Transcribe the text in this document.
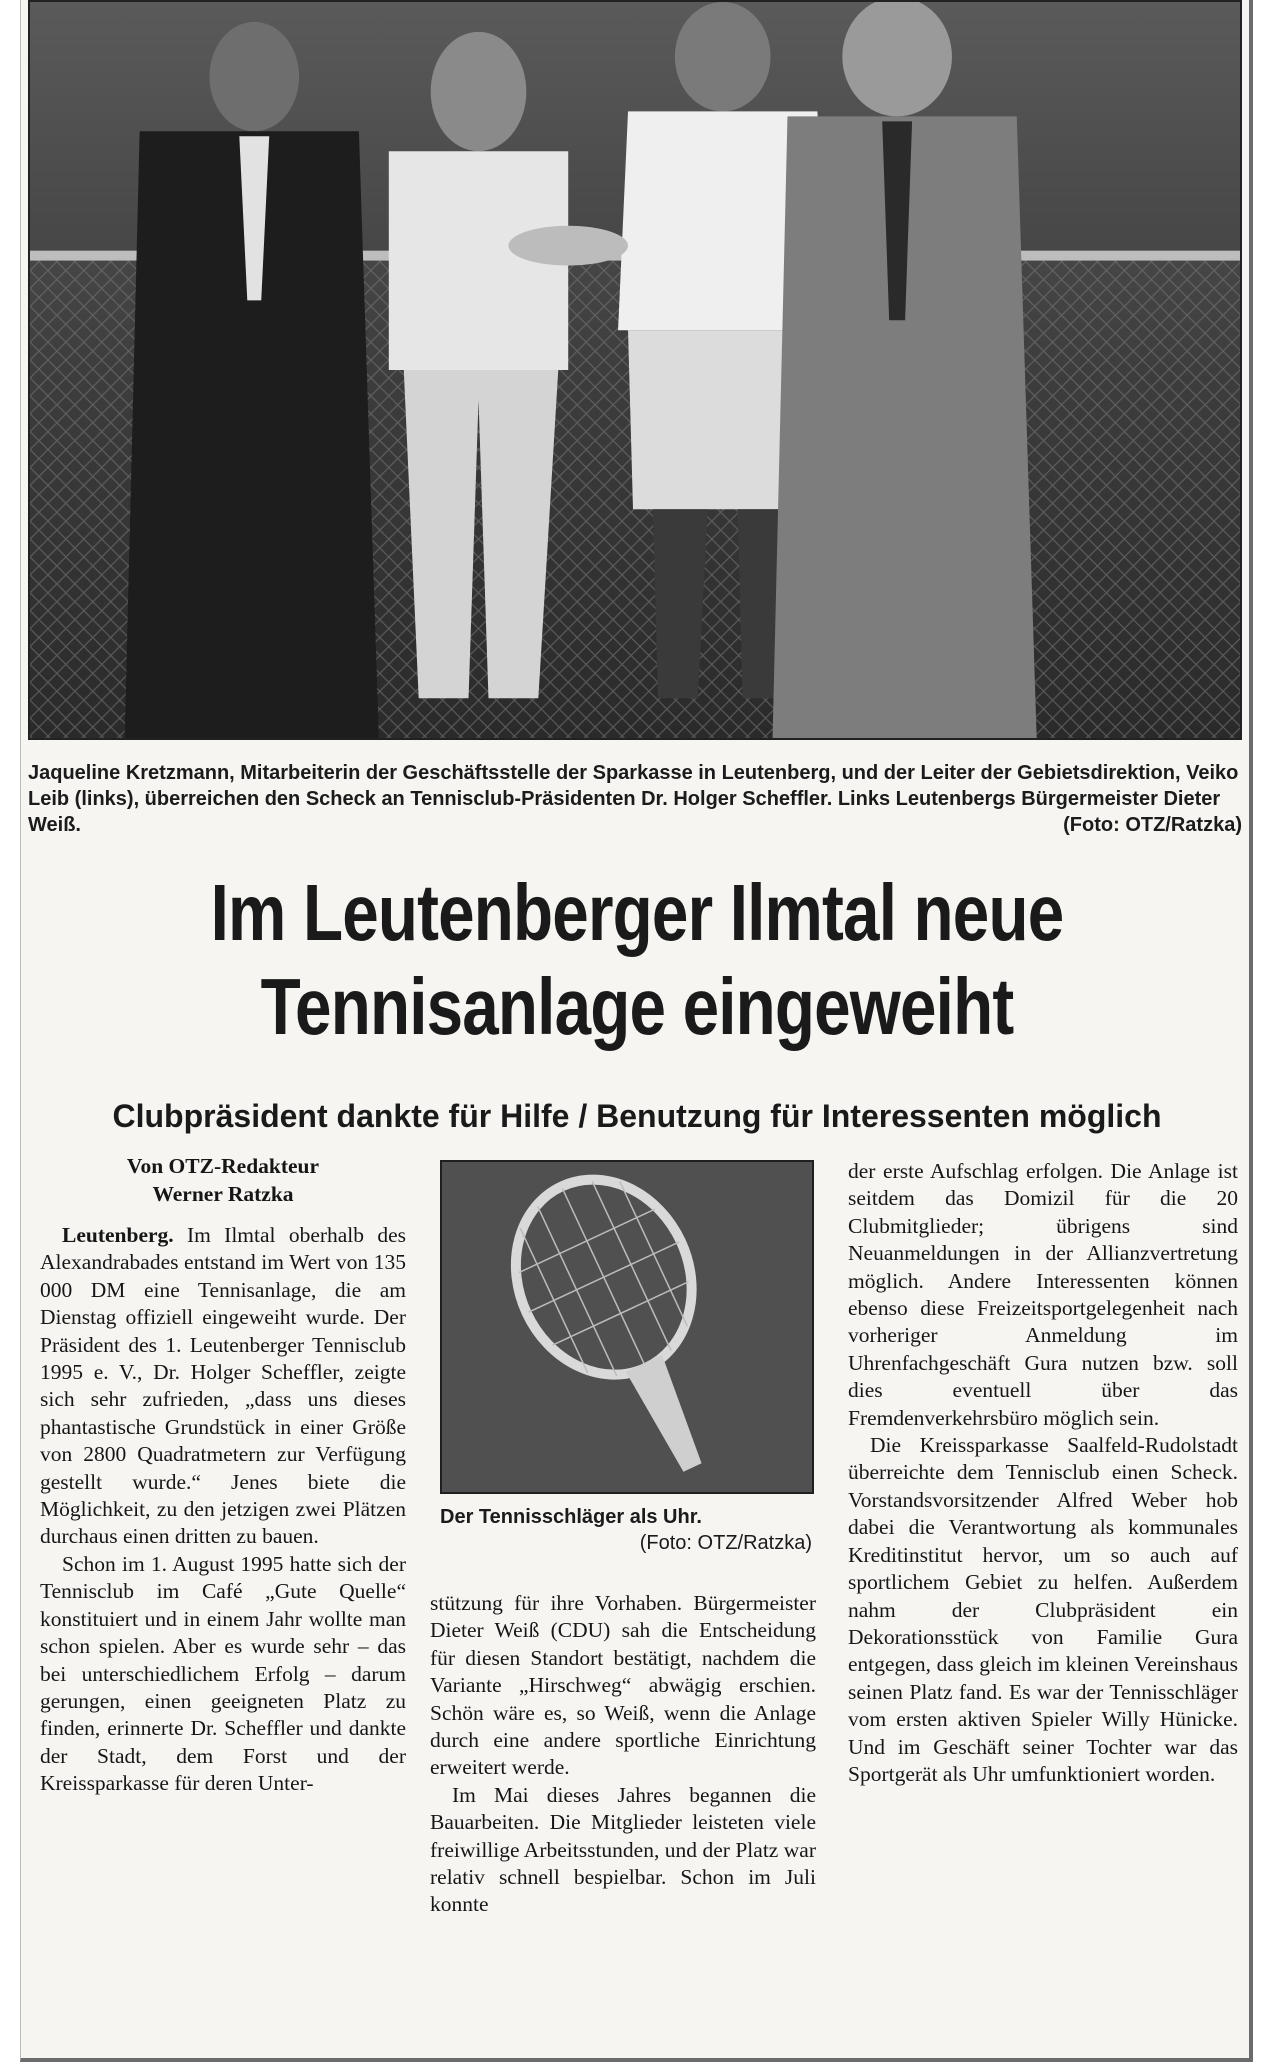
Jaqueline Kretzmann, Mitarbeiterin der Geschäftsstelle der Sparkasse in Leutenberg, und der Leiter der Gebietsdirektion, Veiko Leib (links), überreichen den Scheck an Tennisclub-Präsidenten Dr. Holger Scheffler. Links Leutenbergs Bürgermeister Dieter Weiß.	(Foto: OTZ/Ratzka)
Im Leutenberger Ilmtal neue
Tennisanlage eingeweiht
Clubpräsident dankte für Hilfe / Benutzung für Interessenten möglich
Von OTZ-Redakteur
Werner Ratzka

Leutenberg. Im Ilmtal oberhalb des Alexandrabades entstand im Wert von 135 000 DM eine Tennisanlage, die am Dienstag offiziell eingeweiht wurde. Der Präsident des 1. Leutenberger Tennisclub 1995 e. V., Dr. Holger Scheffler, zeigte sich sehr zufrieden, „dass uns dieses phantastische Grundstück in einer Größe von 2800 Quadratmetern zur Verfügung gestellt wurde.“ Jenes biete die Möglichkeit, zu den jetzigen zwei Plätzen durchaus einen dritten zu bauen.

Schon im 1. August 1995 hatte sich der Tennisclub im Café „Gute Quelle“ konstituiert und in einem Jahr wollte man schon spielen. Aber es wurde sehr – das bei unterschiedlichem Erfolg – darum gerungen, einen geeigneten Platz zu finden, erinnerte Dr. Scheffler und dankte der Stadt, dem Forst und der Kreissparkasse für deren Unter-

Der Tennisschläger als Uhr.
(Foto: OTZ/Ratzka)

stützung für ihre Vorhaben. Bürgermeister Dieter Weiß (CDU) sah die Entscheidung für diesen Standort bestätigt, nachdem die Variante „Hirschweg“ abwägig erschien. Schön wäre es, so Weiß, wenn die Anlage durch eine andere sportliche Einrichtung erweitert werde.

Im Mai dieses Jahres begannen die Bauarbeiten. Die Mitglieder leisteten viele freiwillige Arbeitsstunden, und der Platz war relativ schnell bespielbar. Schon im Juli konnte

der erste Aufschlag erfolgen. Die Anlage ist seitdem das Domizil für die 20 Clubmitglieder; übrigens sind Neuanmeldungen in der Allianzvertretung möglich. Andere Interessenten können ebenso diese Freizeitsportgelegenheit nach vorheriger Anmeldung im Uhrenfachgeschäft Gura nutzen bzw. soll dies eventuell über das Fremdenverkehrsbüro möglich sein.

Die Kreissparkasse Saalfeld-Rudolstadt überreichte dem Tennisclub einen Scheck. Vorstandsvorsitzender Alfred Weber hob dabei die Verantwortung als kommunales Kreditinstitut hervor, um so auch auf sportlichem Gebiet zu helfen. Außerdem nahm der Clubpräsident ein Dekorationsstück von Familie Gura entgegen, dass gleich im kleinen Vereinshaus seinen Platz fand. Es war der Tennisschläger vom ersten aktiven Spieler Willy Hünicke. Und im Geschäft seiner Tochter war das Sportgerät als Uhr umfunktioniert worden.
